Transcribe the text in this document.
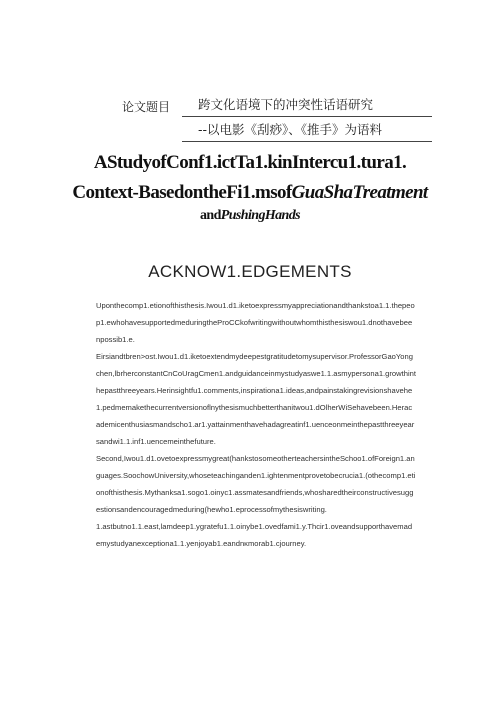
论文题目 跨文化语境下的冲突性话语研究
--以电影《刮痧》、《推手》为语料
AStudyofConf1.ictTa1.kinIntercu1.tura1.
Context-BasedontheFi1.msofGuaShaTreatment
andPushingHands
ACKNOW1.EDGEMENTS

Uponthecomp1.etionofthisthesis.Iwou1.d1.iketoexpressmyappreciationandthankstoa1.1.thepeop1.ewhohavesupportedmeduringtheProCCkofwritingwithoutwhomthisthesiswou1.dnothavebeenpossib1.e.

Eirsiandtbren>ost.Iwou1.d1.iketoextendmydeepestgratitudetomysupervisor.ProfessorGaoYongchen,lbrhercon​stantCnCoUragCmen1.andguidanceinmystudyaswe1.1.asmypersona1.growthinthepastthreeyears.Herinsightfu1.comments,inspirationa1.ideas,andpainstakingrevisionshavehe1.pedmemakethecurrentversionoflnythesismuchbetterthanitwou1.dOlherWiSehavebeen.Heracademicenthusiasmandscho1.ar1.yattainmenthavehadagreatinf1.uenceonmeinthepastthreeyearsandwi1.1.inf1.uencemeinthefuture.

Second,Iwou1.d1.ovetoexpressmygreat(hankstosomeotherteachersintheSchoo1.ofForeign1.anguages.SoochowUniversity,whoseteachinganden1.ightenmentprovetobecrucia1.(othecomp1.etionofthisthesis.Mythanksa1.sogo1.oinyc1.assmatesandfriends,whosharedtheirconstructivesuggestionsandencouragedmeduring(hewho1.eprocessofmythesiswriting.

1.astbutno1.1.east,lamdeep1.ygratefu1.1.oinybe1.ovedfami1.y.Thcir1.oveandsupporthavemademystudyanexceptiona1.1.yenjoyab1.eandnκmorab1.cjourney.
